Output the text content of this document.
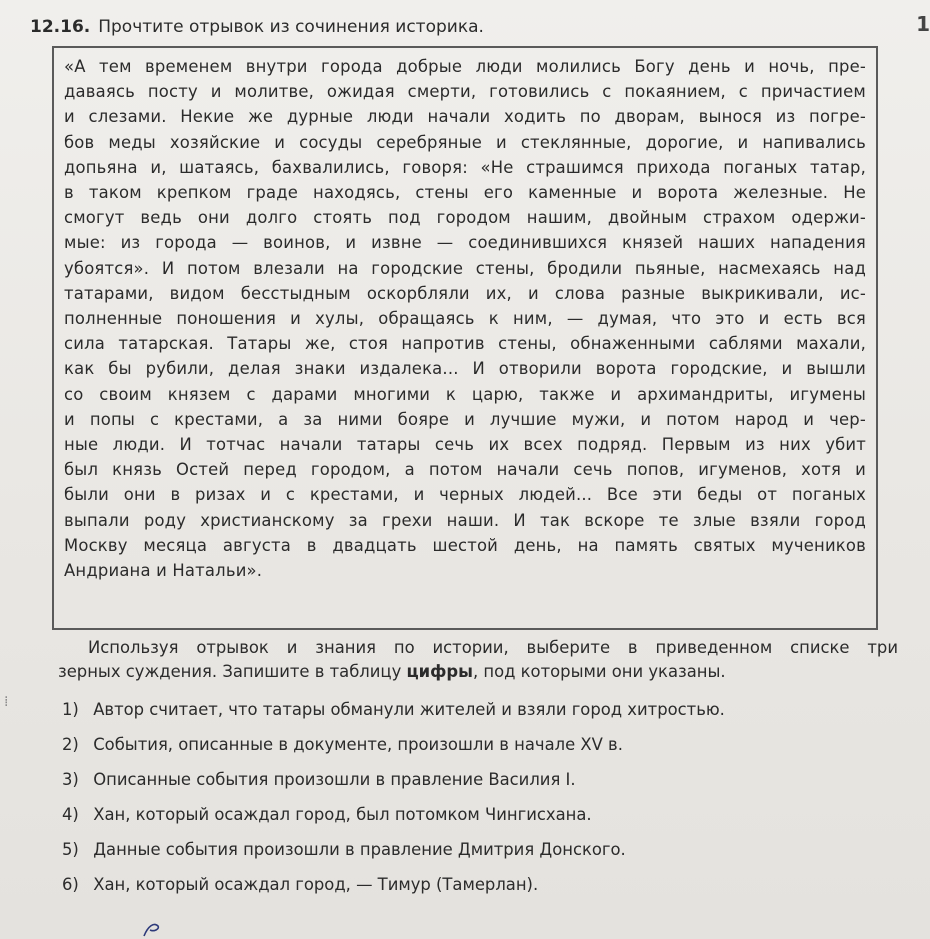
12.16. Прочтите отрывок из сочинения историка.	1
«А тем временем внутри города добрые люди молились Богу день и ночь, пре-
даваясь посту и молитве, ожидая смерти, готовились с покаянием, с причастием
и слезами. Некие же дурные люди начали ходить по дворам, вынося из погре-
бов меды хозяйские и сосуды серебряные и стеклянные, дорогие, и напивались
допьяна и, шатаясь, бахвалились, говоря: «Не страшимся прихода поганых татар,
в таком крепком граде находясь, стены его каменные и ворота железные. Не
смогут ведь они долго стоять под городом нашим, двойным страхом одержи-
мые: из города — воинов, и извне — соединившихся князей наших нападения
убоятся». И потом влезали на городские стены, бродили пьяные, насмехаясь над
татарами, видом бесстыдным оскорбляли их, и слова разные выкрикивали, ис-
полненные поношения и хулы, обращаясь к ним, — думая, что это и есть вся
сила татарская. Татары же, стоя напротив стены, обнаженными саблями махали,
как бы рубили, делая знаки издалека... И отворили ворота городские, и вышли
со своим князем с дарами многими к царю, также и архимандриты, игумены
и попы с крестами, а за ними бояре и лучшие мужи, и потом народ и чер-
ные люди. И тотчас начали татары сечь их всех подряд. Первым из них убит
был князь Остей перед городом, а потом начали сечь попов, игуменов, хотя и
были они в ризах и с крестами, и черных людей... Все эти беды от поганых
выпали роду христианскому за грехи наши. И так вскоре те злые взяли город
Москву месяца августа в двадцать шестой день, на память святых мучеников
Андриана и Натальи».
⁞
Используя отрывок и знания по истории, выберите в приведенном списке три
зерных суждения. Запишите в таблицу цифры, под которыми они указаны.
1) Автор считает, что татары обманули жителей и взяли город хитростью.
2) События, описанные в документе, произошли в начале XV в.
3) Описанные события произошли в правление Василия I.
4) Хан, который осаждал город, был потомком Чингисхана.
5) Данные события произошли в правление Дмитрия Донского.
6) Хан, который осаждал город, — Тимур (Тамерлан).
